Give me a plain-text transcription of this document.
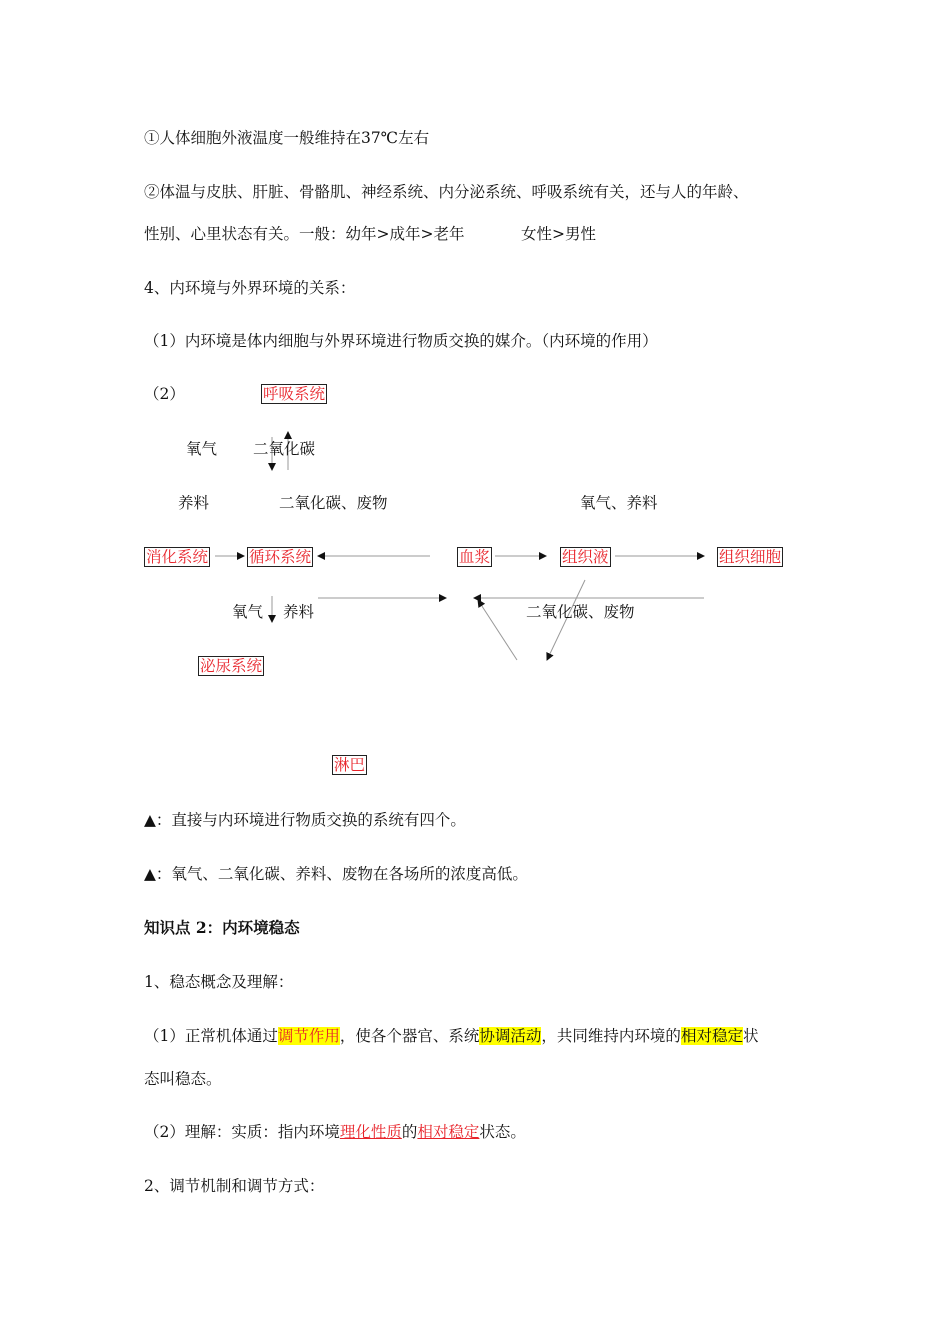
①人体细胞外液温度一般维持在37℃左右
②体温与皮肤、肝脏、骨骼肌、神经系统、内分泌系统、呼吸系统有关，还与人的年龄、
性别、心里状态有关。一般：幼年>成年>老年	女性>男性
4、内环境与外界环境的关系：
（1）内环境是体内细胞与外界环境进行物质交换的媒介。（内环境的作用）
（2）	呼吸系统
氧气 二氧化碳
养料	二氧化碳、废物	氧气、养料
消化系统	循环系统	血浆	组织液	组织细胞
氧气 养料	二氧化碳、废物
泌尿系统
淋巴
▲：直接与内环境进行物质交换的系统有四个。
▲：氧气、二氧化碳、养料、废物在各场所的浓度高低。
知识点 2：内环境稳态
1、稳态概念及理解：
（1）正常机体通过调节作用，使各个器官、系统协调活动，共同维持内环境的相对稳定状
态叫稳态。
（2）理解：实质：指内环境理化性质的相对稳定状态。
2、调节机制和调节方式：
